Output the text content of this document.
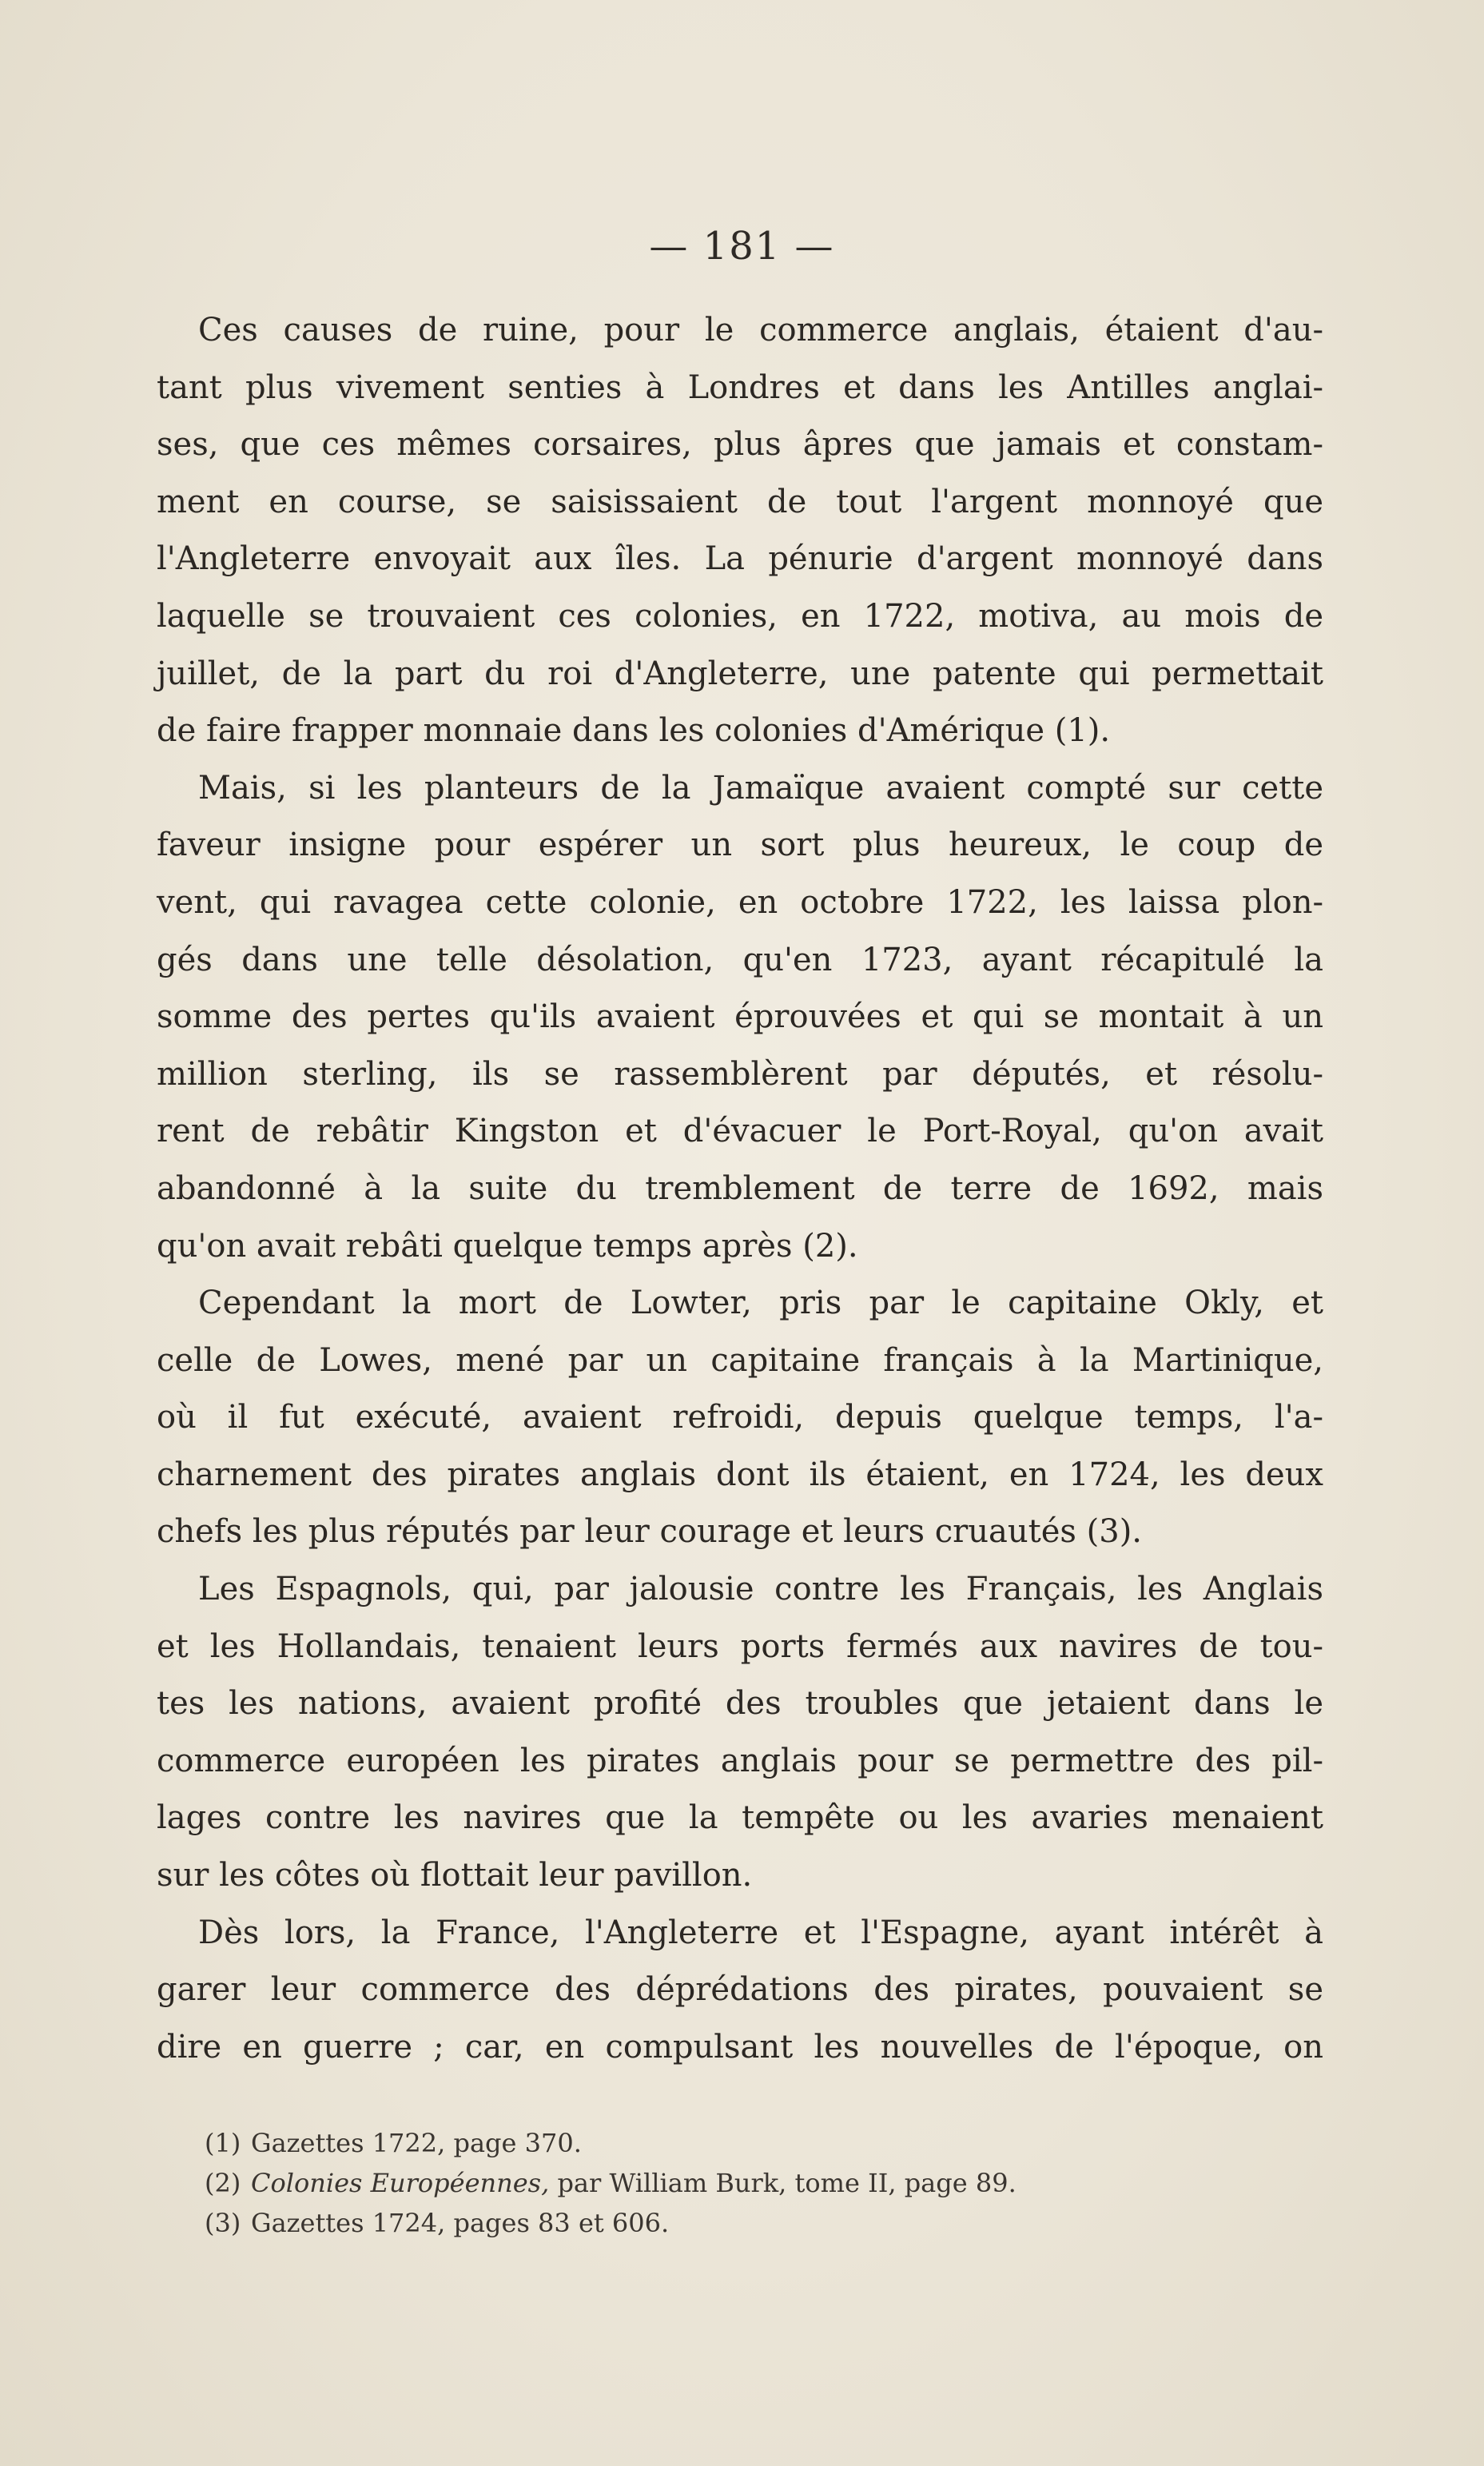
— 181 —
Ces causes de ruine, pour le commerce anglais, étaient d'au-
tant plus vivement senties à Londres et dans les Antilles anglai-
ses, que ces mêmes corsaires, plus âpres que jamais et constam-
ment en course, se saisissaient de tout l'argent monnoyé que
l'Angleterre envoyait aux îles. La pénurie d'argent monnoyé dans
laquelle se trouvaient ces colonies, en 1722, motiva, au mois de
juillet, de la part du roi d'Angleterre, une patente qui permettait
de faire frapper monnaie dans les colonies d'Amérique (1).
Mais, si les planteurs de la Jamaïque avaient compté sur cette
faveur insigne pour espérer un sort plus heureux, le coup de
vent, qui ravagea cette colonie, en octobre 1722, les laissa plon-
gés dans une telle désolation, qu'en 1723, ayant récapitulé la
somme des pertes qu'ils avaient éprouvées et qui se montait à un
million sterling, ils se rassemblèrent par députés, et résolu-
rent de rebâtir Kingston et d'évacuer le Port-Royal, qu'on avait
abandonné à la suite du tremblement de terre de 1692, mais
qu'on avait rebâti quelque temps après (2).
Cependant la mort de Lowter, pris par le capitaine Okly, et
celle de Lowes, mené par un capitaine français à la Martinique,
où il fut exécuté, avaient refroidi, depuis quelque temps, l'a-
charnement des pirates anglais dont ils étaient, en 1724, les deux
chefs les plus réputés par leur courage et leurs cruautés (3).
Les Espagnols, qui, par jalousie contre les Français, les Anglais
et les Hollandais, tenaient leurs ports fermés aux navires de tou-
tes les nations, avaient profité des troubles que jetaient dans le
commerce européen les pirates anglais pour se permettre des pil-
lages contre les navires que la tempête ou les avaries menaient
sur les côtes où flottait leur pavillon.
Dès lors, la France, l'Angleterre et l'Espagne, ayant intérêt à
garer leur commerce des déprédations des pirates, pouvaient se
dire en guerre ; car, en compulsant les nouvelles de l'époque, on
(1) Gazettes 1722, page 370.
(2) Colonies Européennes, par William Burk, tome II, page 89.
(3) Gazettes 1724, pages 83 et 606.
